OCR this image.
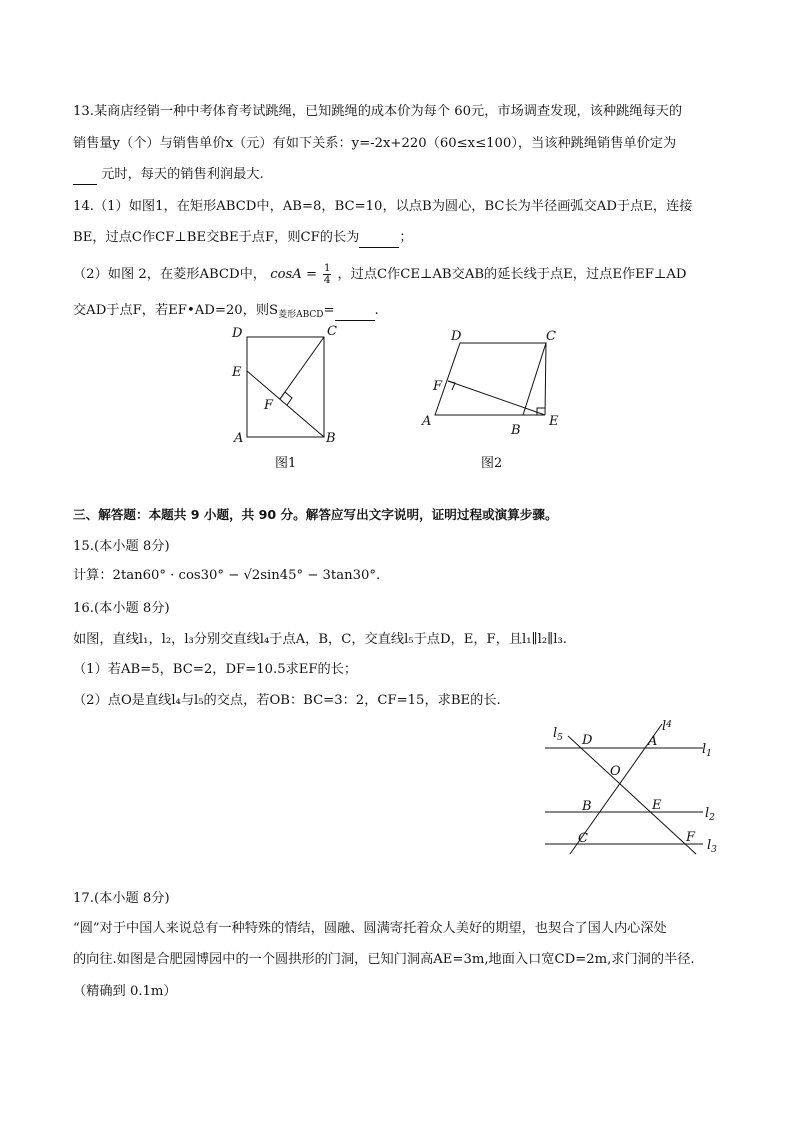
13.某商店经销一种中考体育考试跳绳，已知跳绳的成本价为每个 60元，市场调查发现，该种跳绳每天的
销售量y（个）与销售单价x（元）有如下关系：y=-2x+220（60≤x≤100），当该种跳绳销售单价定为
元时，每天的销售利润最大.
14.（1）如图1，在矩形ABCD中，AB=8，BC=10，以点B为圆心，BC长为半径画弧交AD于点E，连接
BE，过点C作CF⊥BE交BE于点F，则CF的长为	；
（2）如图 2，在菱形ABCD中， $\cos A = \frac{1}{4}$ ，过点C作CE⊥AB交AB的延长线于点E，过点E作EF⊥AD
交AD于点F，若EF•AD=20，则$S_{菱形ABCD}=$	.
D	C
E
F
A	B
图1
D	C
F
A
B
E
图2
三、解答题：本题共 9 小题，共 90 分。解答应写出文字说明，证明过程或演算步骤。
15.(本小题 8分)
计算：2tan60° · cos30° − √2sin45° − 3tan30°.
16.(本小题 8分)
如图，直线l₁，l₂，l₃分别交直线l₄于点A，B，C，交直线l₅于点D，E，F，且l₁∥l₂∥l₃.
（1）若AB=5，BC=2，DF=10.5求EF的长；
（2）点O是直线l₄与l₅的交点，若OB：BC=3：2，CF=15，求BE的长.
$l_5$ D
$l^4$
A
$l_1$
O
B	E
$l_2$
C	F
$l_3$
17.(本小题 8分)
“圆”对于中国人来说总有一种特殊的情结，圆融、圆满寄托着众人美好的期望，也契合了国人内心深处
的向往.如图是合肥园博园中的一个圆拱形的门洞，已知门洞高AE=3m,地面入口宽CD=2m,求门洞的半径.
（精确到 0.1m）
